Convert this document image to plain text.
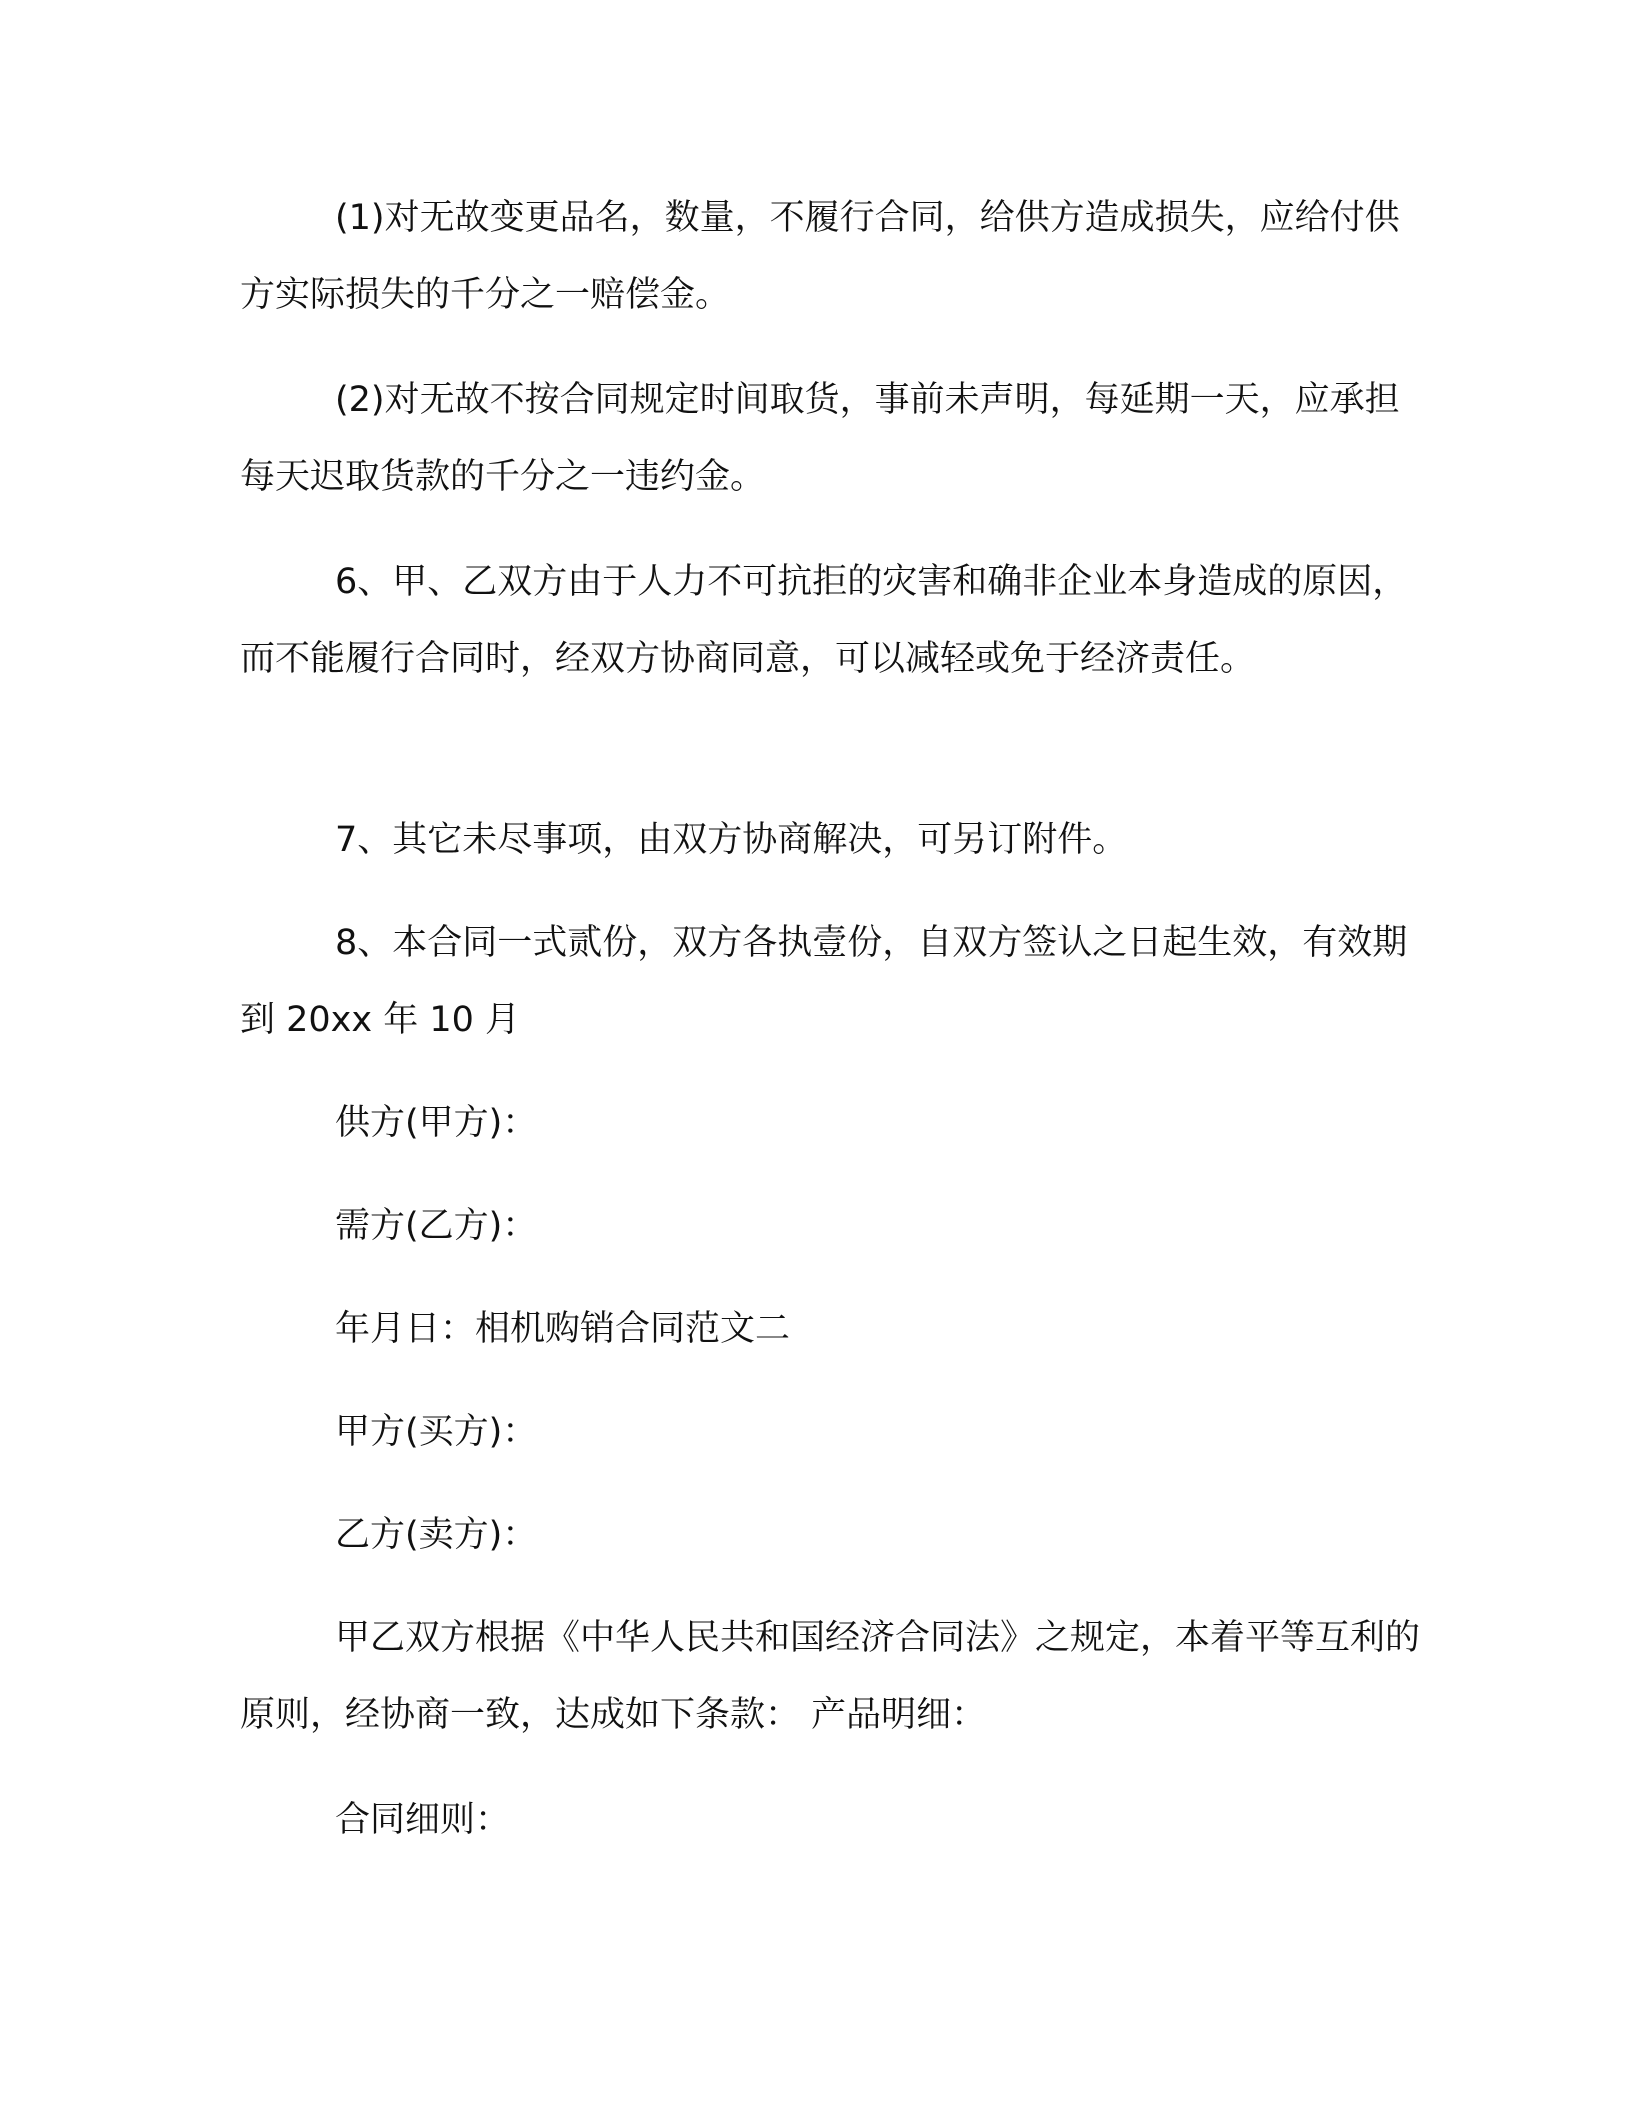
(1)对无故变更品名，数量，不履行合同，给供方造成损失，应给付供方实际损失的千分之一赔偿金。

(2)对无故不按合同规定时间取货，事前未声明，每延期一天，应承担每天迟取货款的千分之一违约金。

6、甲、乙双方由于人力不可抗拒的灾害和确非企业本身造成的原因，而不能履行合同时，经双方协商同意，可以减轻或免于经济责任。

7、其它未尽事项，由双方协商解决，可另订附件。

8、本合同一式贰份，双方各执壹份，自双方签认之日起生效，有效期到 20xx 年 10 月

供方(甲方)：

需方(乙方)：

年月日：相机购销合同范文二

甲方(买方)：

乙方(卖方)：

甲乙双方根据《中华人民共和国经济合同法》之规定，本着平等互利的原则，经协商一致，达成如下条款： 产品明细：

合同细则：
